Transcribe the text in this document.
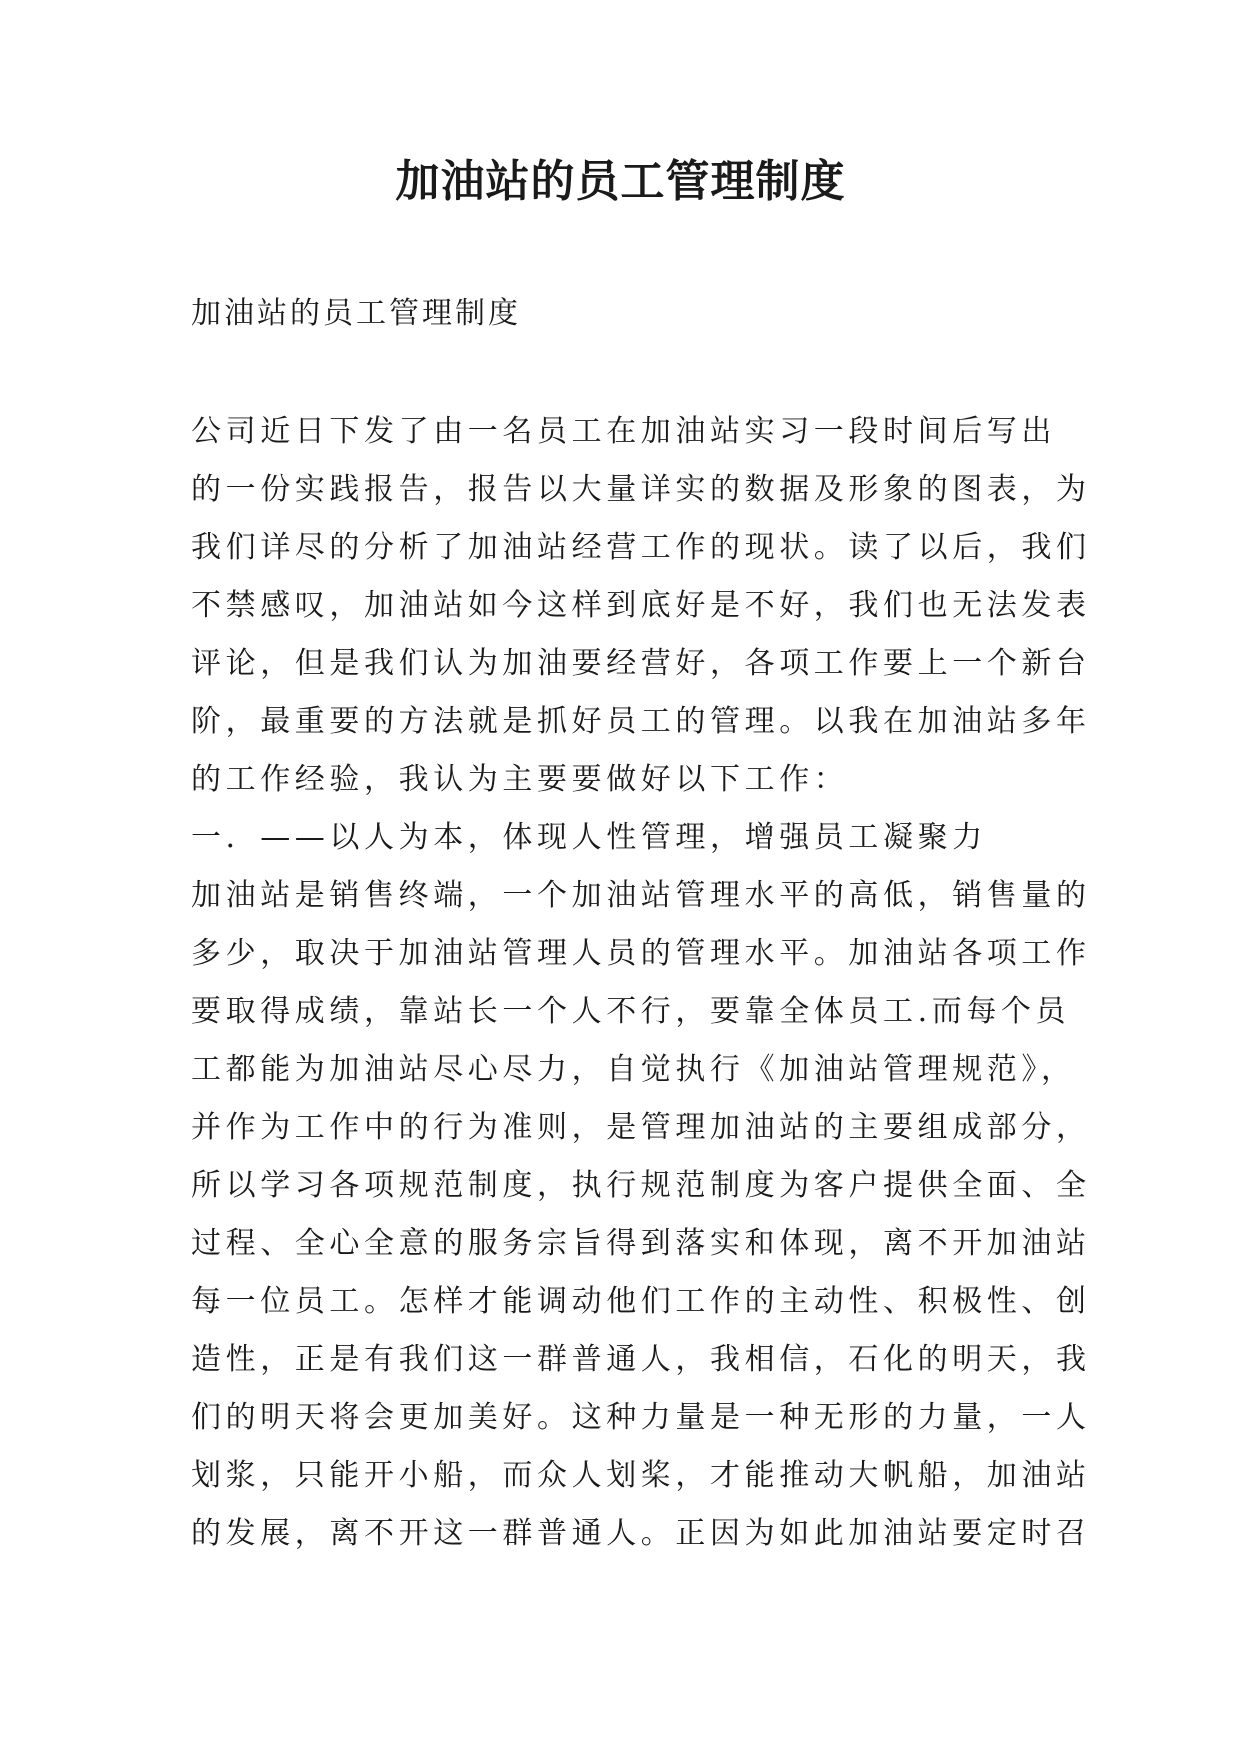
加油站的员工管理制度

加油站的员工管理制度

公司近日下发了由一名员工在加油站实习一段时间后写出
的一份实践报告，报告以大量详实的数据及形象的图表，为
我们详尽的分析了加油站经营工作的现状。读了以后，我们
不禁感叹，加油站如今这样到底好是不好，我们也无法发表
评论，但是我们认为加油要经营好，各项工作要上一个新台
阶，最重要的方法就是抓好员工的管理。以我在加油站多年
的工作经验，我认为主要要做好以下工作：
一．——以人为本，体现人性管理，增强员工凝聚力
加油站是销售终端，一个加油站管理水平的高低，销售量的
多少，取决于加油站管理人员的管理水平。加油站各项工作
要取得成绩，靠站长一个人不行，要靠全体员工.而每个员
工都能为加油站尽心尽力，自觉执行《加油站管理规范》，
并作为工作中的行为准则，是管理加油站的主要组成部分，
所以学习各项规范制度，执行规范制度为客户提供全面、全
过程、全心全意的服务宗旨得到落实和体现，离不开加油站
每一位员工。怎样才能调动他们工作的主动性、积极性、创
造性，正是有我们这一群普通人，我相信，石化的明天，我
们的明天将会更加美好。这种力量是一种无形的力量，一人
划浆，只能开小船，而众人划桨，才能推动大帆船，加油站
的发展，离不开这一群普通人。正因为如此加油站要定时召
